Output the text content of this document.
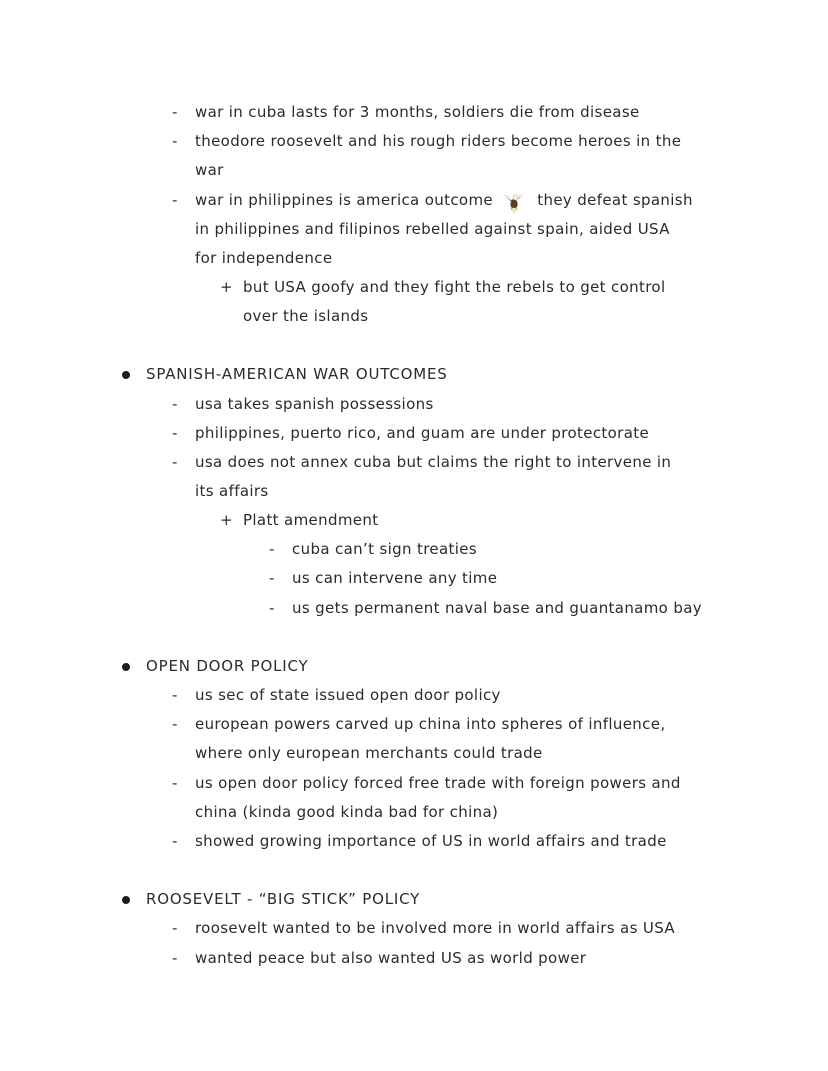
- war in cuba lasts for 3 months, soldiers die from disease
- theodore roosevelt and his rough riders become heroes in the
war
- war in philippines is america outcome	they defeat spanish
in philippines and filipinos rebelled against spain, aided USA
for independence
+ but USA goofy and they fight the rebels to get control
over the islands
SPANISH-AMERICAN WAR OUTCOMES
- usa takes spanish possessions
- philippines, puerto rico, and guam are under protectorate
- usa does not annex cuba but claims the right to intervene in
its affairs
+ Platt amendment
- cuba can’t sign treaties
- us can intervene any time
- us gets permanent naval base and guantanamo bay
OPEN DOOR POLICY
- us sec of state issued open door policy
- european powers carved up china into spheres of influence,
where only european merchants could trade
- us open door policy forced free trade with foreign powers and
china (kinda good kinda bad for china)
- showed growing importance of US in world affairs and trade
ROOSEVELT - “BIG STICK” POLICY
- roosevelt wanted to be involved more in world affairs as USA
- wanted peace but also wanted US as world power
